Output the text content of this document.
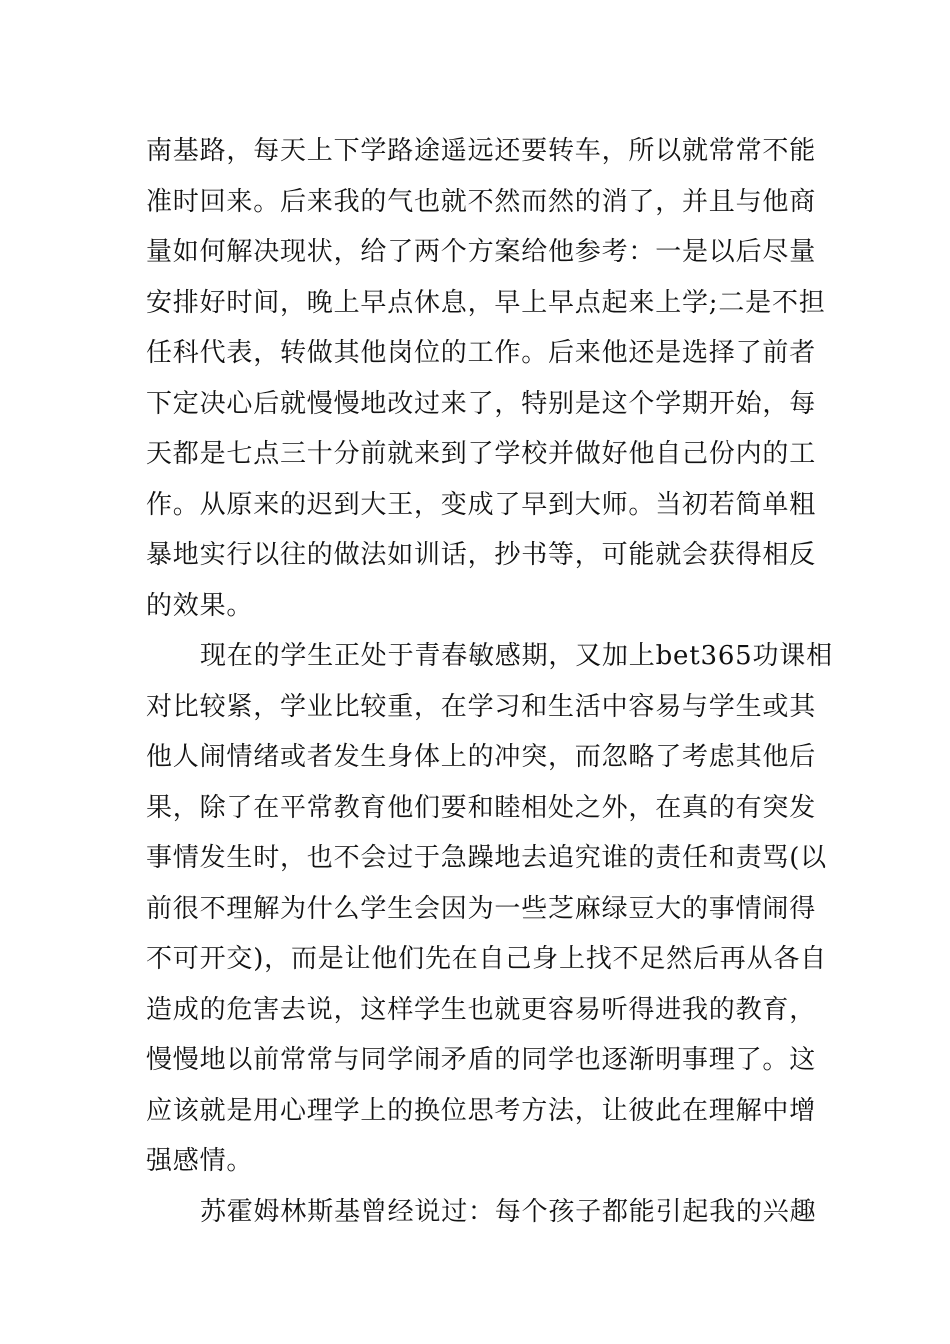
南基路，每天上下学路途遥远还要转车，所以就常常不能
准时回来。后来我的气也就不然而然的消了，并且与他商
量如何解决现状，给了两个方案给他参考：一是以后尽量
安排好时间，晚上早点休息，早上早点起来上学;二是不担
任科代表，转做其他岗位的工作。后来他还是选择了前者
下定决心后就慢慢地改过来了，特别是这个学期开始，每
天都是七点三十分前就来到了学校并做好他自己份内的工
作。从原来的迟到大王，变成了早到大师。当初若简单粗
暴地实行以往的做法如训话，抄书等，可能就会获得相反
的效果。
现在的学生正处于青春敏感期，又加上bet365功课相
对比较紧，学业比较重，在学习和生活中容易与学生或其
他人闹情绪或者发生身体上的冲突，而忽略了考虑其他后
果，除了在平常教育他们要和睦相处之外，在真的有突发
事情发生时，也不会过于急躁地去追究谁的责任和责骂(以
前很不理解为什么学生会因为一些芝麻绿豆大的事情闹得
不可开交)，而是让他们先在自己身上找不足然后再从各自
造成的危害去说，这样学生也就更容易听得进我的教育，
慢慢地以前常常与同学闹矛盾的同学也逐渐明事理了。这
应该就是用心理学上的换位思考方法，让彼此在理解中增
强感情。
苏霍姆林斯基曾经说过：每个孩子都能引起我的兴趣
